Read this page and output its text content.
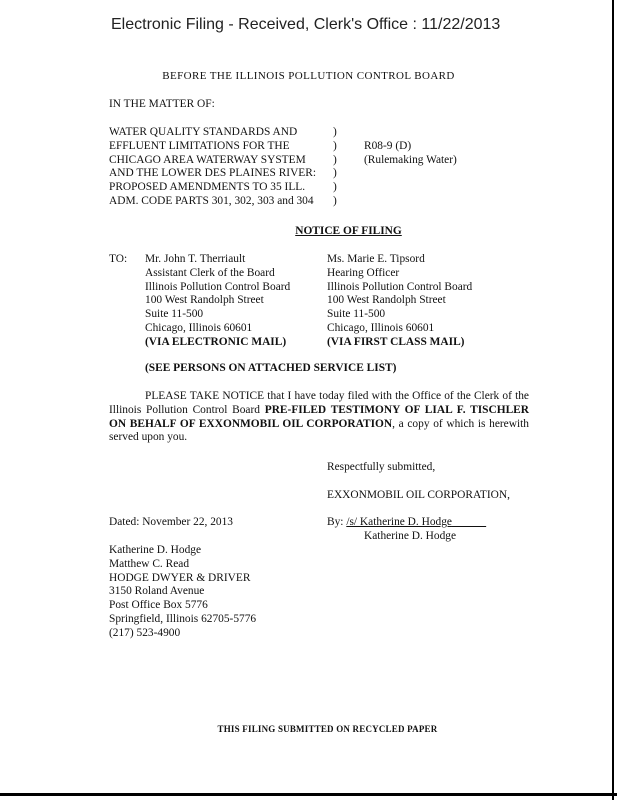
Electronic Filing - Received, Clerk's Office : 11/22/2013
BEFORE THE ILLINOIS POLLUTION CONTROL BOARD
IN THE MATTER OF:
WATER QUALITY STANDARDS AND
EFFLUENT LIMITATIONS FOR THE
CHICAGO AREA WATERWAY SYSTEM
AND THE LOWER DES PLAINES RIVER:
PROPOSED AMENDMENTS TO 35 ILL.
ADM. CODE PARTS 301, 302, 303 and 304
)
)
)
)
)
)
R08-9 (D)
(Rulemaking Water)
NOTICE OF FILING
TO: Mr. John T. Therriault
Assistant Clerk of the Board
Illinois Pollution Control Board
100 West Randolph Street
Suite 11-500
Chicago, Illinois 60601
(VIA ELECTRONIC MAIL)
Ms. Marie E. Tipsord
Hearing Officer
Illinois Pollution Control Board
100 West Randolph Street
Suite 11-500
Chicago, Illinois 60601
(VIA FIRST CLASS MAIL)
(SEE PERSONS ON ATTACHED SERVICE LIST)
PLEASE TAKE NOTICE that I have today filed with the Office of the Clerk of the Illinois Pollution Control Board PRE-FILED TESTIMONY OF LIAL F. TISCHLER ON BEHALF OF EXXONMOBIL OIL CORPORATION, a copy of which is herewith served upon you.
Respectfully submitted,
EXXONMOBIL OIL CORPORATION,
Dated: November 22, 2013	By: /s/ Katherine D. Hodge
Katherine D. Hodge
Katherine D. Hodge
Matthew C. Read
HODGE DWYER & DRIVER
3150 Roland Avenue
Post Office Box 5776
Springfield, Illinois 62705-5776
(217) 523-4900
THIS FILING SUBMITTED ON RECYCLED PAPER
